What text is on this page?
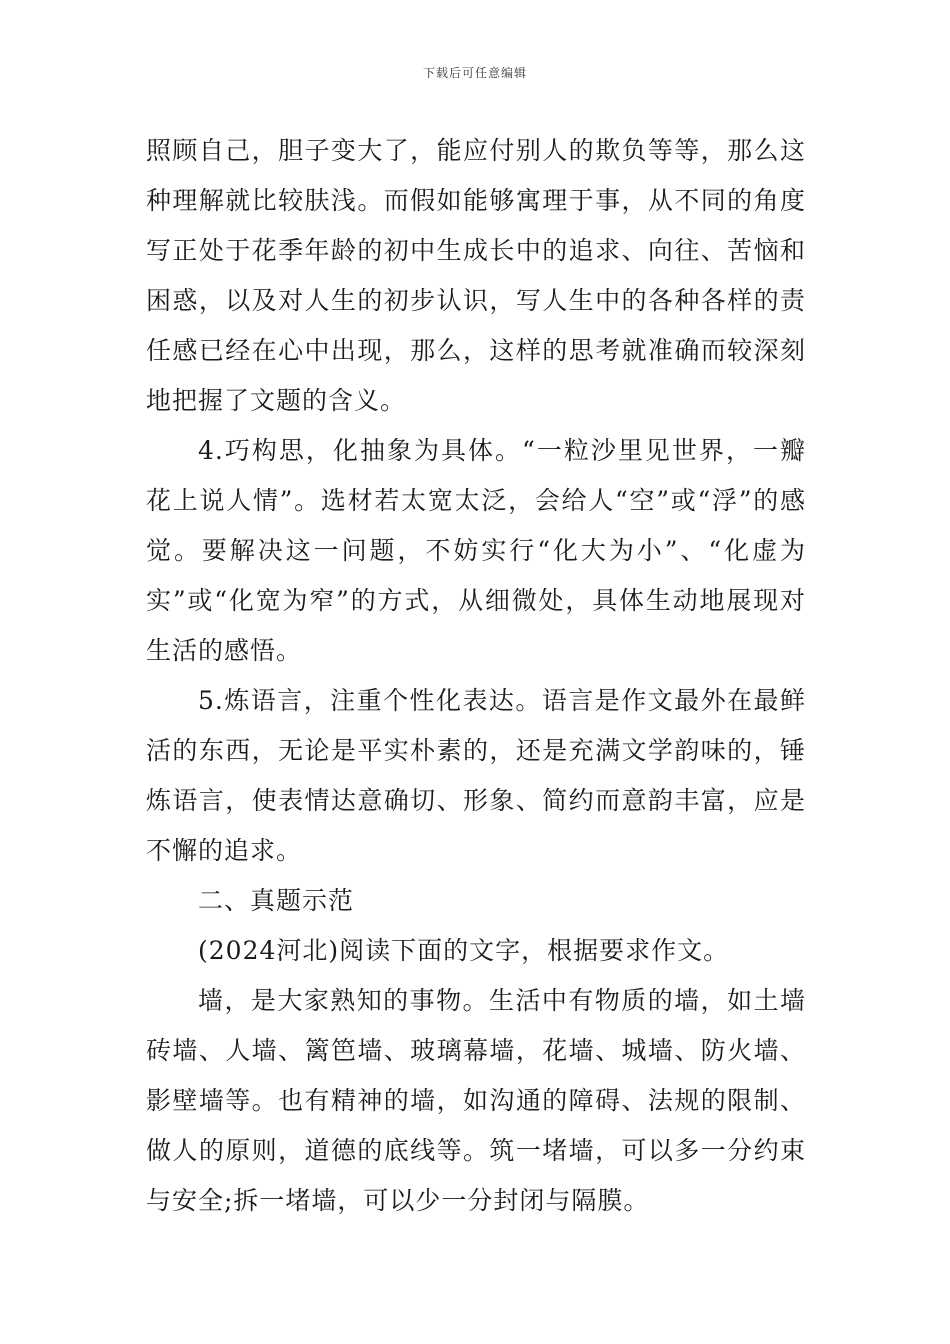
下载后可任意编辑

照顾自己，胆子变大了，能应付别人的欺负等等，那么这种理解就比较肤浅。而假如能够寓理于事，从不同的角度写正处于花季年龄的初中生成长中的追求、向往、苦恼和困惑，以及对人生的初步认识，写人生中的各种各样的责任感已经在心中出现，那么，这样的思考就准确而较深刻地把握了文题的含义。

4.巧构思，化抽象为具体。“一粒沙里见世界，一瓣花上说人情”。选材若太宽太泛，会给人“空”或“浮”的感觉。要解决这一问题，不妨实行“化大为小”、“化虚为实”或“化宽为窄”的方式，从细微处，具体生动地展现对生活的感悟。

5.炼语言，注重个性化表达。语言是作文最外在最鲜活的东西，无论是平实朴素的，还是充满文学韵味的，锤炼语言，使表情达意确切、形象、简约而意韵丰富，应是不懈的追求。

二、真题示范

(2024河北)阅读下面的文字，根据要求作文。

墙，是大家熟知的事物。生活中有物质的墙，如土墙砖墙、人墙、篱笆墙、玻璃幕墙，花墙、城墙、防火墙、影壁墙等。也有精神的墙，如沟通的障碍、法规的限制、做人的原则，道德的底线等。筑一堵墙，可以多一分约束与安全;拆一堵墙，可以少一分封闭与隔膜。
